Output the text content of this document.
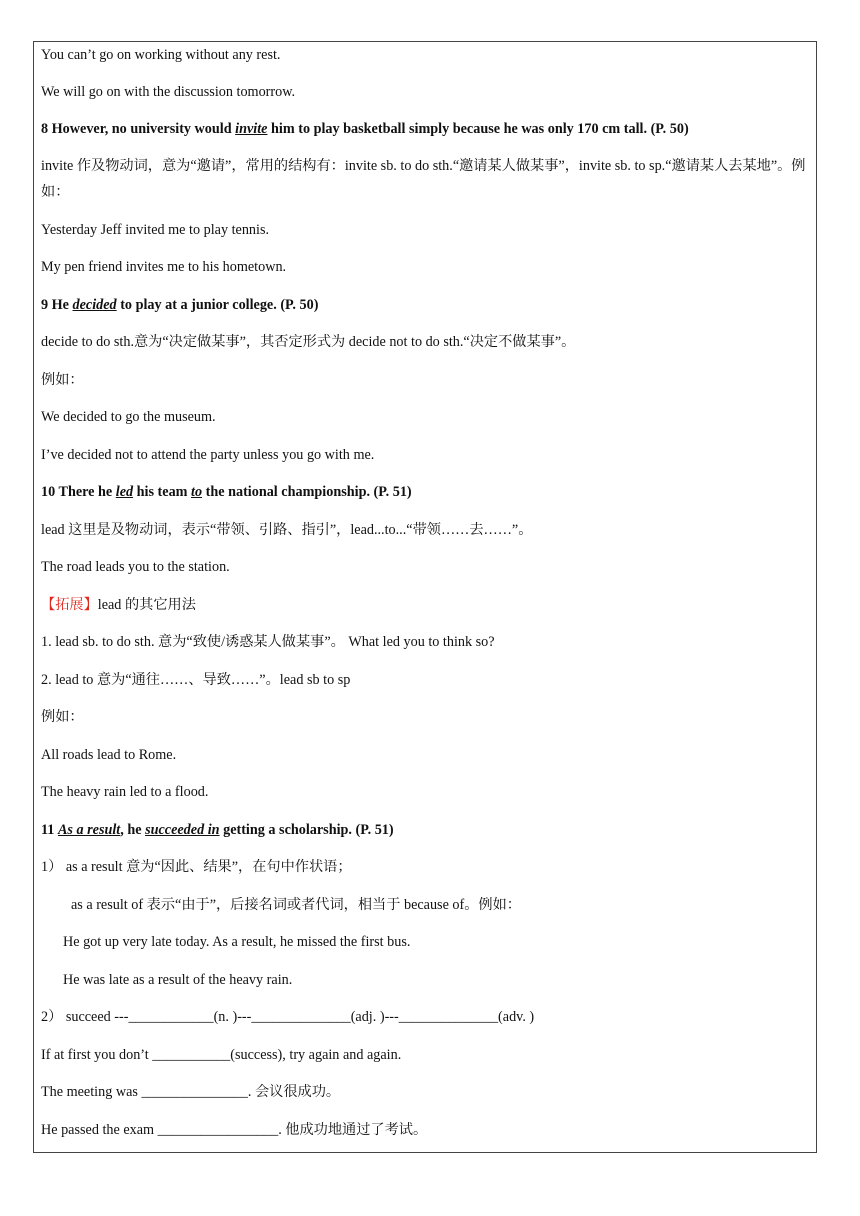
You can’t go on working without any rest.
We will go on with the discussion tomorrow.
8 However, no university would invite him to play basketball simply because he was only 170 cm tall. (P. 50)
invite 作及物动词，意为“邀请”，常用的结构有：invite sb. to do sth.“邀请某人做某事”，invite sb. to sp.“邀请某人去某地”。例如：
Yesterday Jeff invited me to play tennis.
My pen friend invites me to his hometown.
9 He decided to play at a junior college. (P. 50)
decide to do sth.意为“决定做某事”，其否定形式为 decide not to do sth.“决定不做某事”。
例如：
We decided to go the museum.
I’ve decided not to attend the party unless you go with me.
10 There he led his team to the national championship. (P. 51)
lead 这里是及物动词，表示“带领、引路、指引”，lead...to...“带领……去……”。
The road leads you to the station.
【拓展】lead 的其它用法
1. lead sb. to do sth. 意为“致使/诱惑某人做某事”。 What led you to think so?
2. lead to 意为“通往……、导致……”。lead sb to sp
例如：
All roads lead to Rome.
The heavy rain led to a flood.
11 As a result, he succeeded in getting a scholarship. (P. 51)
1） as a result 意为“因此、结果”，在句中作状语；
as a result of 表示“由于”，后接名词或者代词，相当于 because of。例如：
He got up very late today. As a result, he missed the first bus.
He was late as a result of the heavy rain.
2） succeed ---____________(n. )---______________(adj. )---______________(adv. )
If at first you don’t ___________(success), try again and again.
The meeting was _______________. 会议很成功。
He passed the exam _________________. 他成功地通过了考试。
